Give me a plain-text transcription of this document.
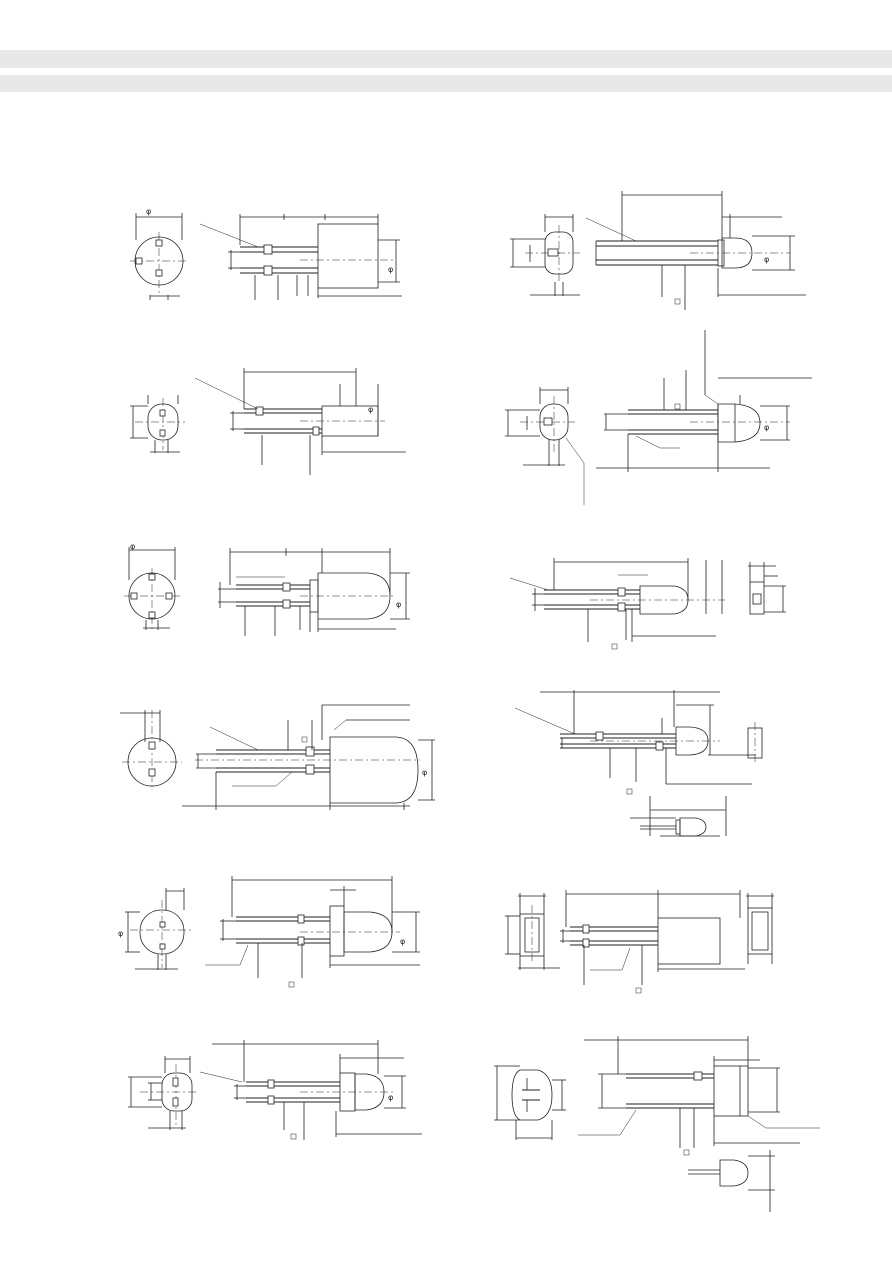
φ
φ
φ
φ
φ
φ
φ
φ
φ
φ
φ
